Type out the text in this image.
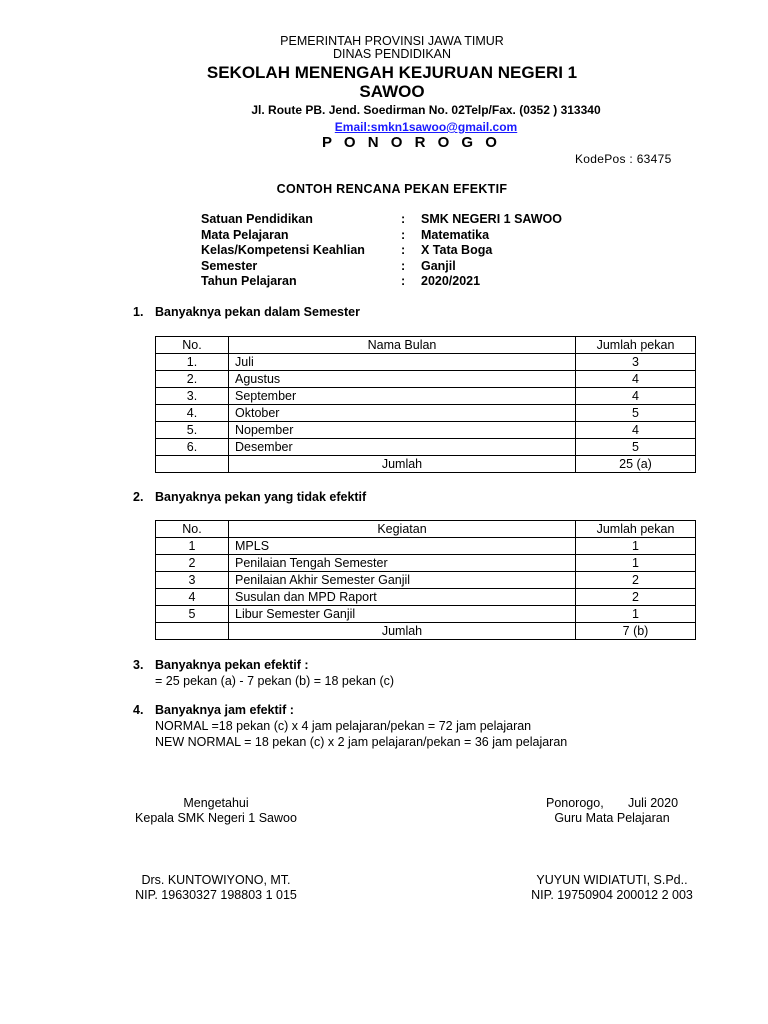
PEMERINTAH PROVINSI JAWA TIMUR
DINAS PENDIDIKAN
SEKOLAH MENENGAH KEJURUAN NEGERI 1
SAWOO
Jl. Route PB. Jend. Soedirman No. 02Telp/Fax. (0352 ) 313340
Email:smkn1sawoo@gmail.com
P O N O R O G O
KodePos : 63475
CONTOH RENCANA PEKAN EFEKTIF
Satuan Pendidikan	: SMK NEGERI 1 SAWOO
Mata Pelajaran	: Matematika
Kelas/Kompetensi Keahlian	: X Tata Boga
Semester	: Ganjil
Tahun Pelajaran	: 2020/2021
1. Banyaknya pekan dalam Semester
No.	Nama Bulan	Jumlah pekan
1.	Juli	3
2.	Agustus	4
3.	September	4
4.	Oktober	5
5.	Nopember	4
6.	Desember	5
	Jumlah	25 (a)
2. Banyaknya pekan yang tidak efektif
No.	Kegiatan	Jumlah pekan
1	MPLS	1
2	Penilaian Tengah Semester	1
3	Penilaian Akhir Semester Ganjil	2
4	Susulan dan MPD Raport	2
5	Libur Semester Ganjil	1
	Jumlah	7 (b)
3. Banyaknya pekan efektif :
= 25 pekan (a) - 7 pekan (b) = 18 pekan (c)
4. Banyaknya jam efektif :
NORMAL =18 pekan (c) x 4 jam pelajaran/pekan = 72 jam pelajaran
NEW NORMAL = 18 pekan (c) x 2 jam pelajaran/pekan = 36 jam pelajaran
Mengetahui
Kepala SMK Negeri 1 Sawoo
Drs. KUNTOWIYONO, MT.
NIP. 19630327 198803 1 015
Ponorogo,       Juli 2020
Guru Mata Pelajaran
YUYUN WIDIATUTI, S.Pd..
NIP. 19750904 200012 2 003
